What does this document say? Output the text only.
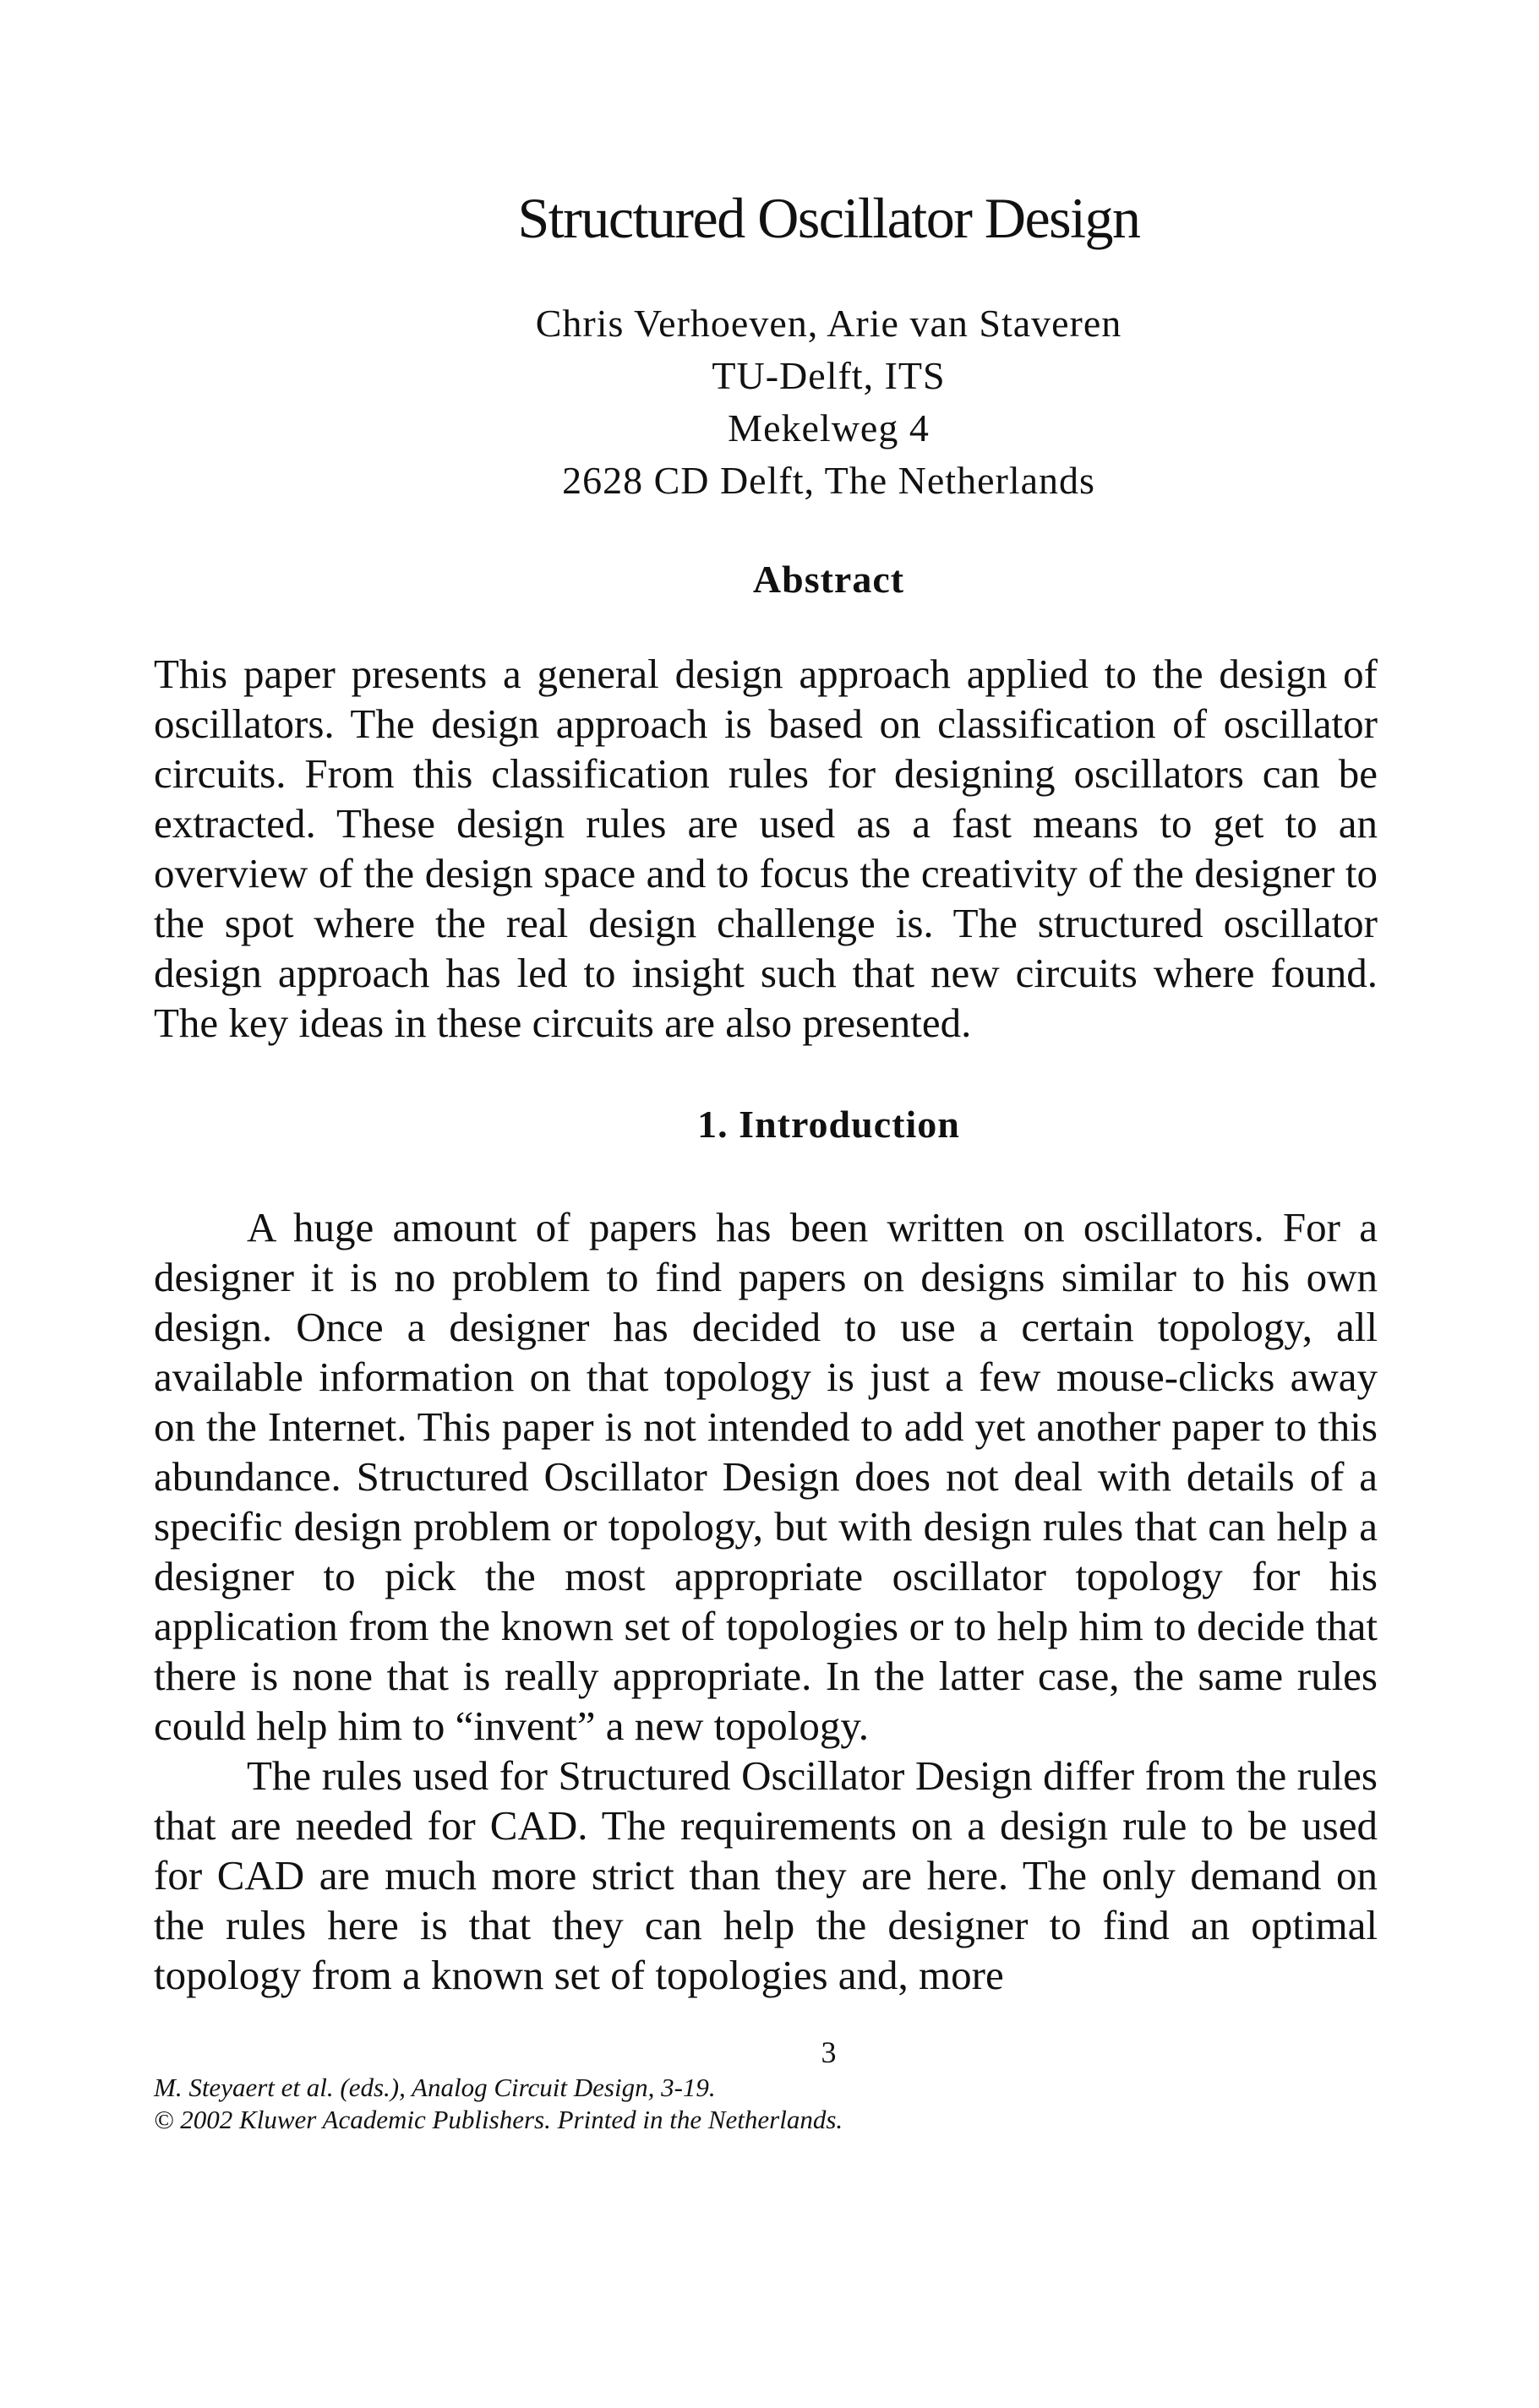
Structured Oscillator Design
Chris Verhoeven, Arie van Staveren
TU-Delft, ITS
Mekelweg 4
2628 CD Delft, The Netherlands
Abstract

This paper presents a general design approach applied to the design of oscillators. The design approach is based on classification of oscillator circuits. From this classification rules for designing oscillators can be extracted. These design rules are used as a fast means to get to an overview of the design space and to focus the creativity of the designer to the spot where the real design challenge is. The structured oscillator design approach has led to insight such that new circuits where found. The key ideas in these circuits are also presented.

1. Introduction

A huge amount of papers has been written on oscillators. For a designer it is no problem to find papers on designs similar to his own design. Once a designer has decided to use a certain topology, all available information on that topology is just a few mouse-clicks away on the Internet. This paper is not intended to add yet another paper to this abundance. Structured Oscillator Design does not deal with details of a specific design problem or topology, but with design rules that can help a designer to pick the most appropriate oscillator topology for his application from the known set of topologies or to help him to decide that there is none that is really appropriate. In the latter case, the same rules could help him to “invent” a new topology.

The rules used for Structured Oscillator Design differ from the rules that are needed for CAD. The requirements on a design rule to be used for CAD are much more strict than they are here. The only demand on the rules here is that they can help the designer to find an optimal topology from a known set of topologies and, more

3
M. Steyaert et al. (eds.), Analog Circuit Design, 3-19.
© 2002 Kluwer Academic Publishers. Printed in the Netherlands.
